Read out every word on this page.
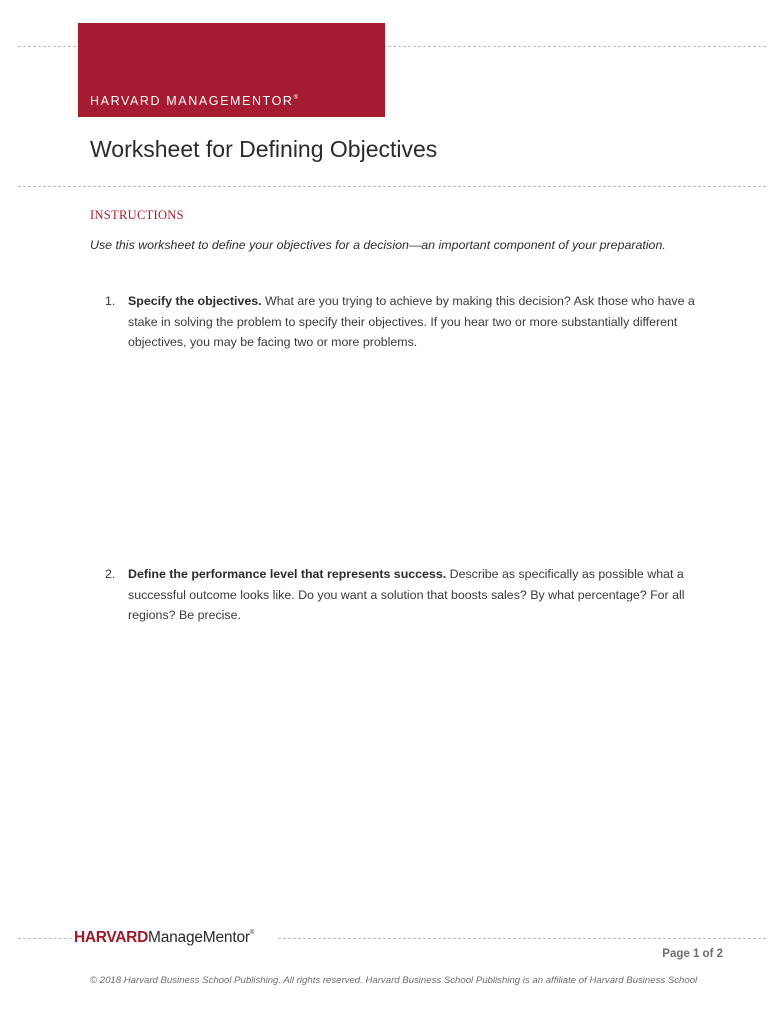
HARVARD MANAGEMENTOR®
Worksheet for Defining Objectives
INSTRUCTIONS
Use this worksheet to define your objectives for a decision—an important component of your preparation.
1. Specify the objectives. What are you trying to achieve by making this decision? Ask those who have a stake in solving the problem to specify their objectives. If you hear two or more substantially different objectives, you may be facing two or more problems.
2. Define the performance level that represents success. Describe as specifically as possible what a successful outcome looks like. Do you want a solution that boosts sales? By what percentage? For all regions? Be precise.
HARVARDManageMentor®
Page 1 of 2
© 2018 Harvard Business School Publishing. All rights reserved. Harvard Business School Publishing is an affiliate of Harvard Business School
